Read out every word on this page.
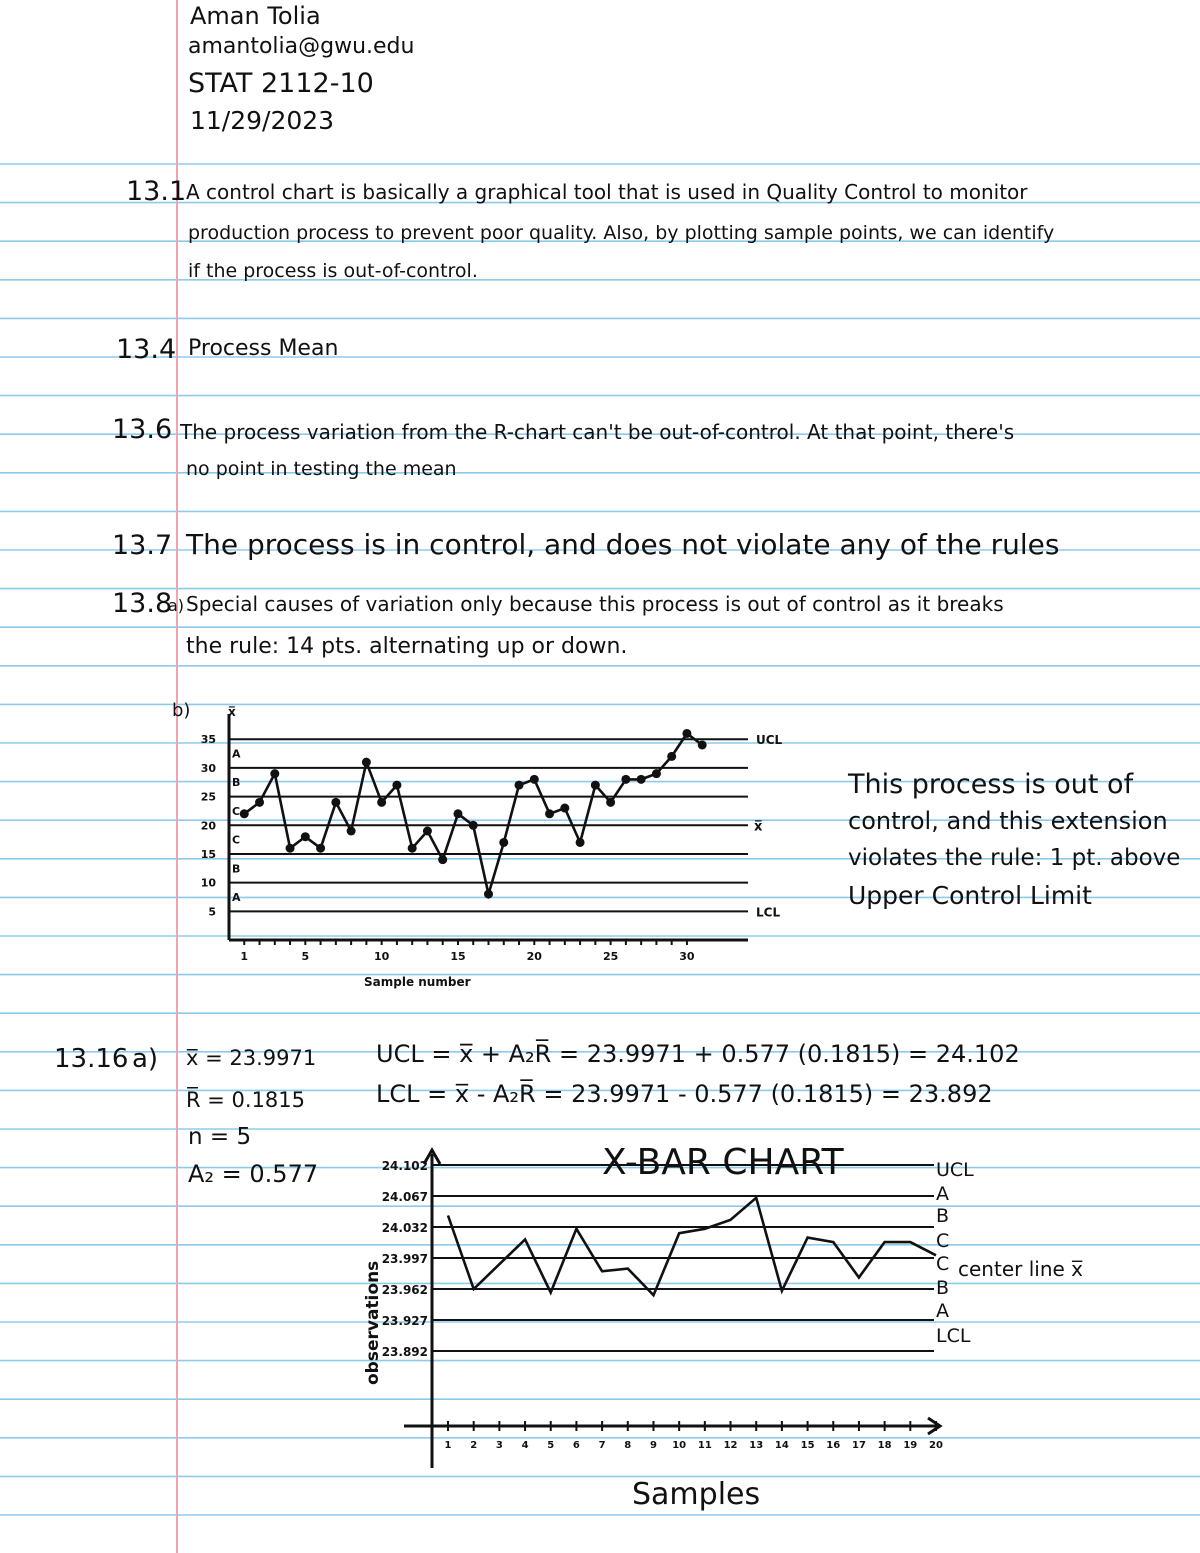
Aman Tolia
amantolia@gwu.edu
STAT 2112-10
11/29/2023
13.1 A control chart is basically a graphical tool that is used in Quality Control to monitor
production process to prevent poor quality. Also, by plotting sample points, we can identify
if the process is out-of-control.
13.4 Process Mean
13.6 The process variation from the R-chart can't be out-of-control. At that point, there's
no point in testing the mean
13.7 The process is in control, and does not violate any of the rules
13.8
a) Special causes of variation only because this process is out of control as it breaks
the rule: 14 pts. alternating up or down.
b)	x̅
5
10
15
20
25
30
35
1	5	10	15	20	25	30
A
B
C
C
B
A
UCL
x̅
LCL
Sample number
This process is out of
control, and this extension
violates the rule: 1 pt. above
Upper Control Limit
13.16 a) x̅ = 23.9971
R̅ = 0.1815
n = 5
A₂ = 0.577
UCL = x̅̅ + A₂R̅ = 23.9971 + 0.577 (0.1815) = 24.102
LCL = x̅ - A₂R̅ = 23.9971 - 0.577 (0.1815) = 23.892
X-BAR CHART
observations
24.102
24.067
24.032
23.997
23.962
23.927
23.892
1 2 3 4 5 6 7 8 9 10 11 12 13 14 15 16 17 18 19 20
UCL
A
B
C
C
B
A
LCL
center line x̅
Samples
